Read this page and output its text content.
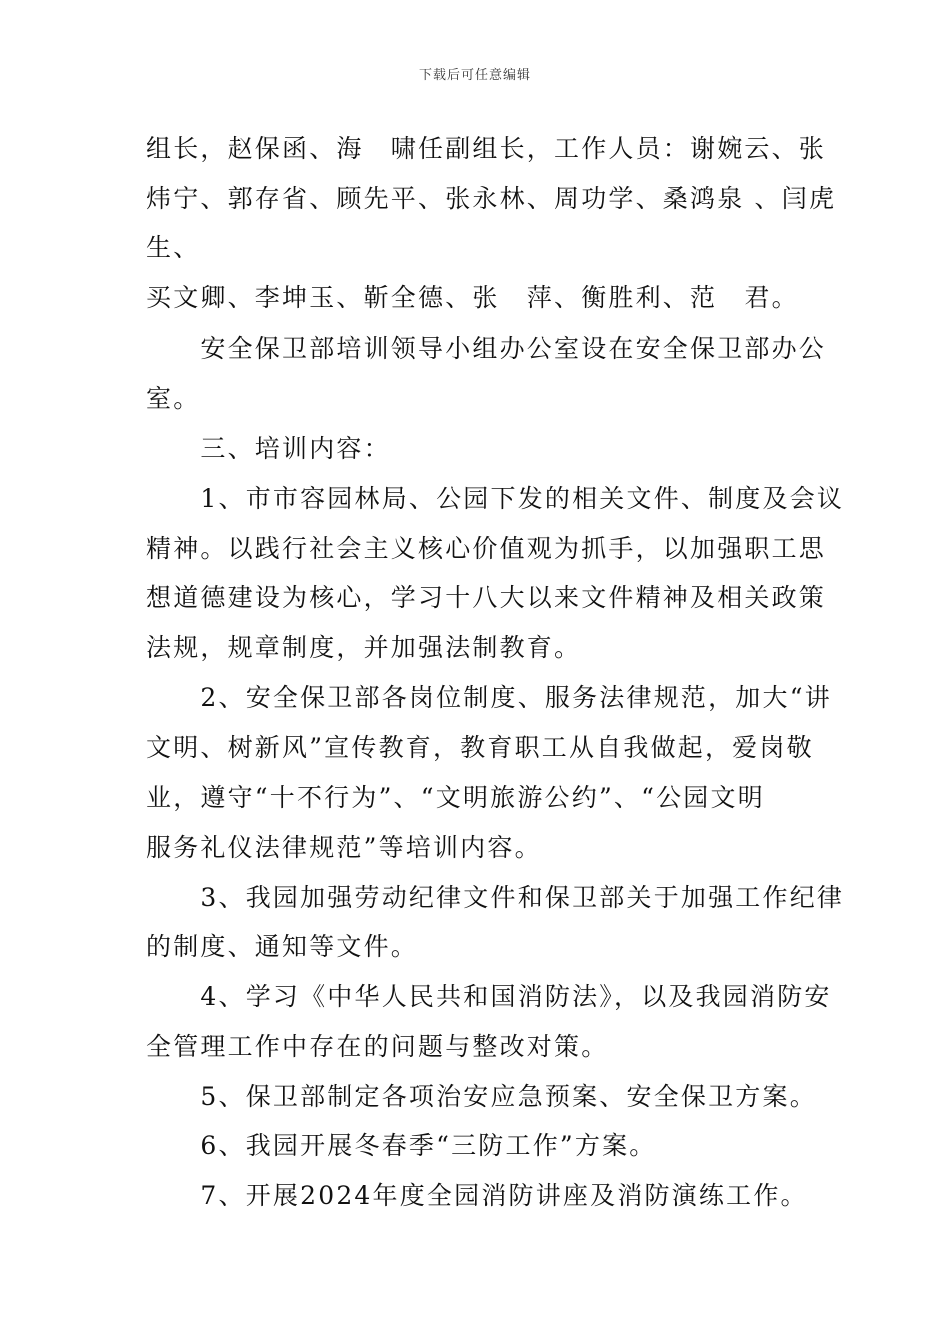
下载后可任意编辑
组长，赵保函、海　啸任副组长，工作人员：谢婉云、张
炜宁、郭存省、顾先平、张永林、周功学、桑鸿泉 、闫虎
生、
买文卿、李坤玉、靳全德、张　萍、衡胜利、范　君。
　　安全保卫部培训领导小组办公室设在安全保卫部办公
室。
　　三、培训内容：
　　1、市市容园林局、公园下发的相关文件、制度及会议
精神。以践行社会主义核心价值观为抓手，以加强职工思
想道德建设为核心，学习十八大以来文件精神及相关政策
法规，规章制度，并加强法制教育。
　　2、安全保卫部各岗位制度、服务法律规范，加大“讲
文明、树新风”宣传教育，教育职工从自我做起，爱岗敬
业，遵守“十不行为”、“文明旅游公约”、“公园文明
服务礼仪法律规范”等培训内容。
　　3、我园加强劳动纪律文件和保卫部关于加强工作纪律
的制度、通知等文件。
　　4、学习《中华人民共和国消防法》，以及我园消防安
全管理工作中存在的问题与整改对策。
　　5、保卫部制定各项治安应急预案、安全保卫方案。
　　6、我园开展冬春季“三防工作”方案。
　　7、开展2024年度全园消防讲座及消防演练工作。
